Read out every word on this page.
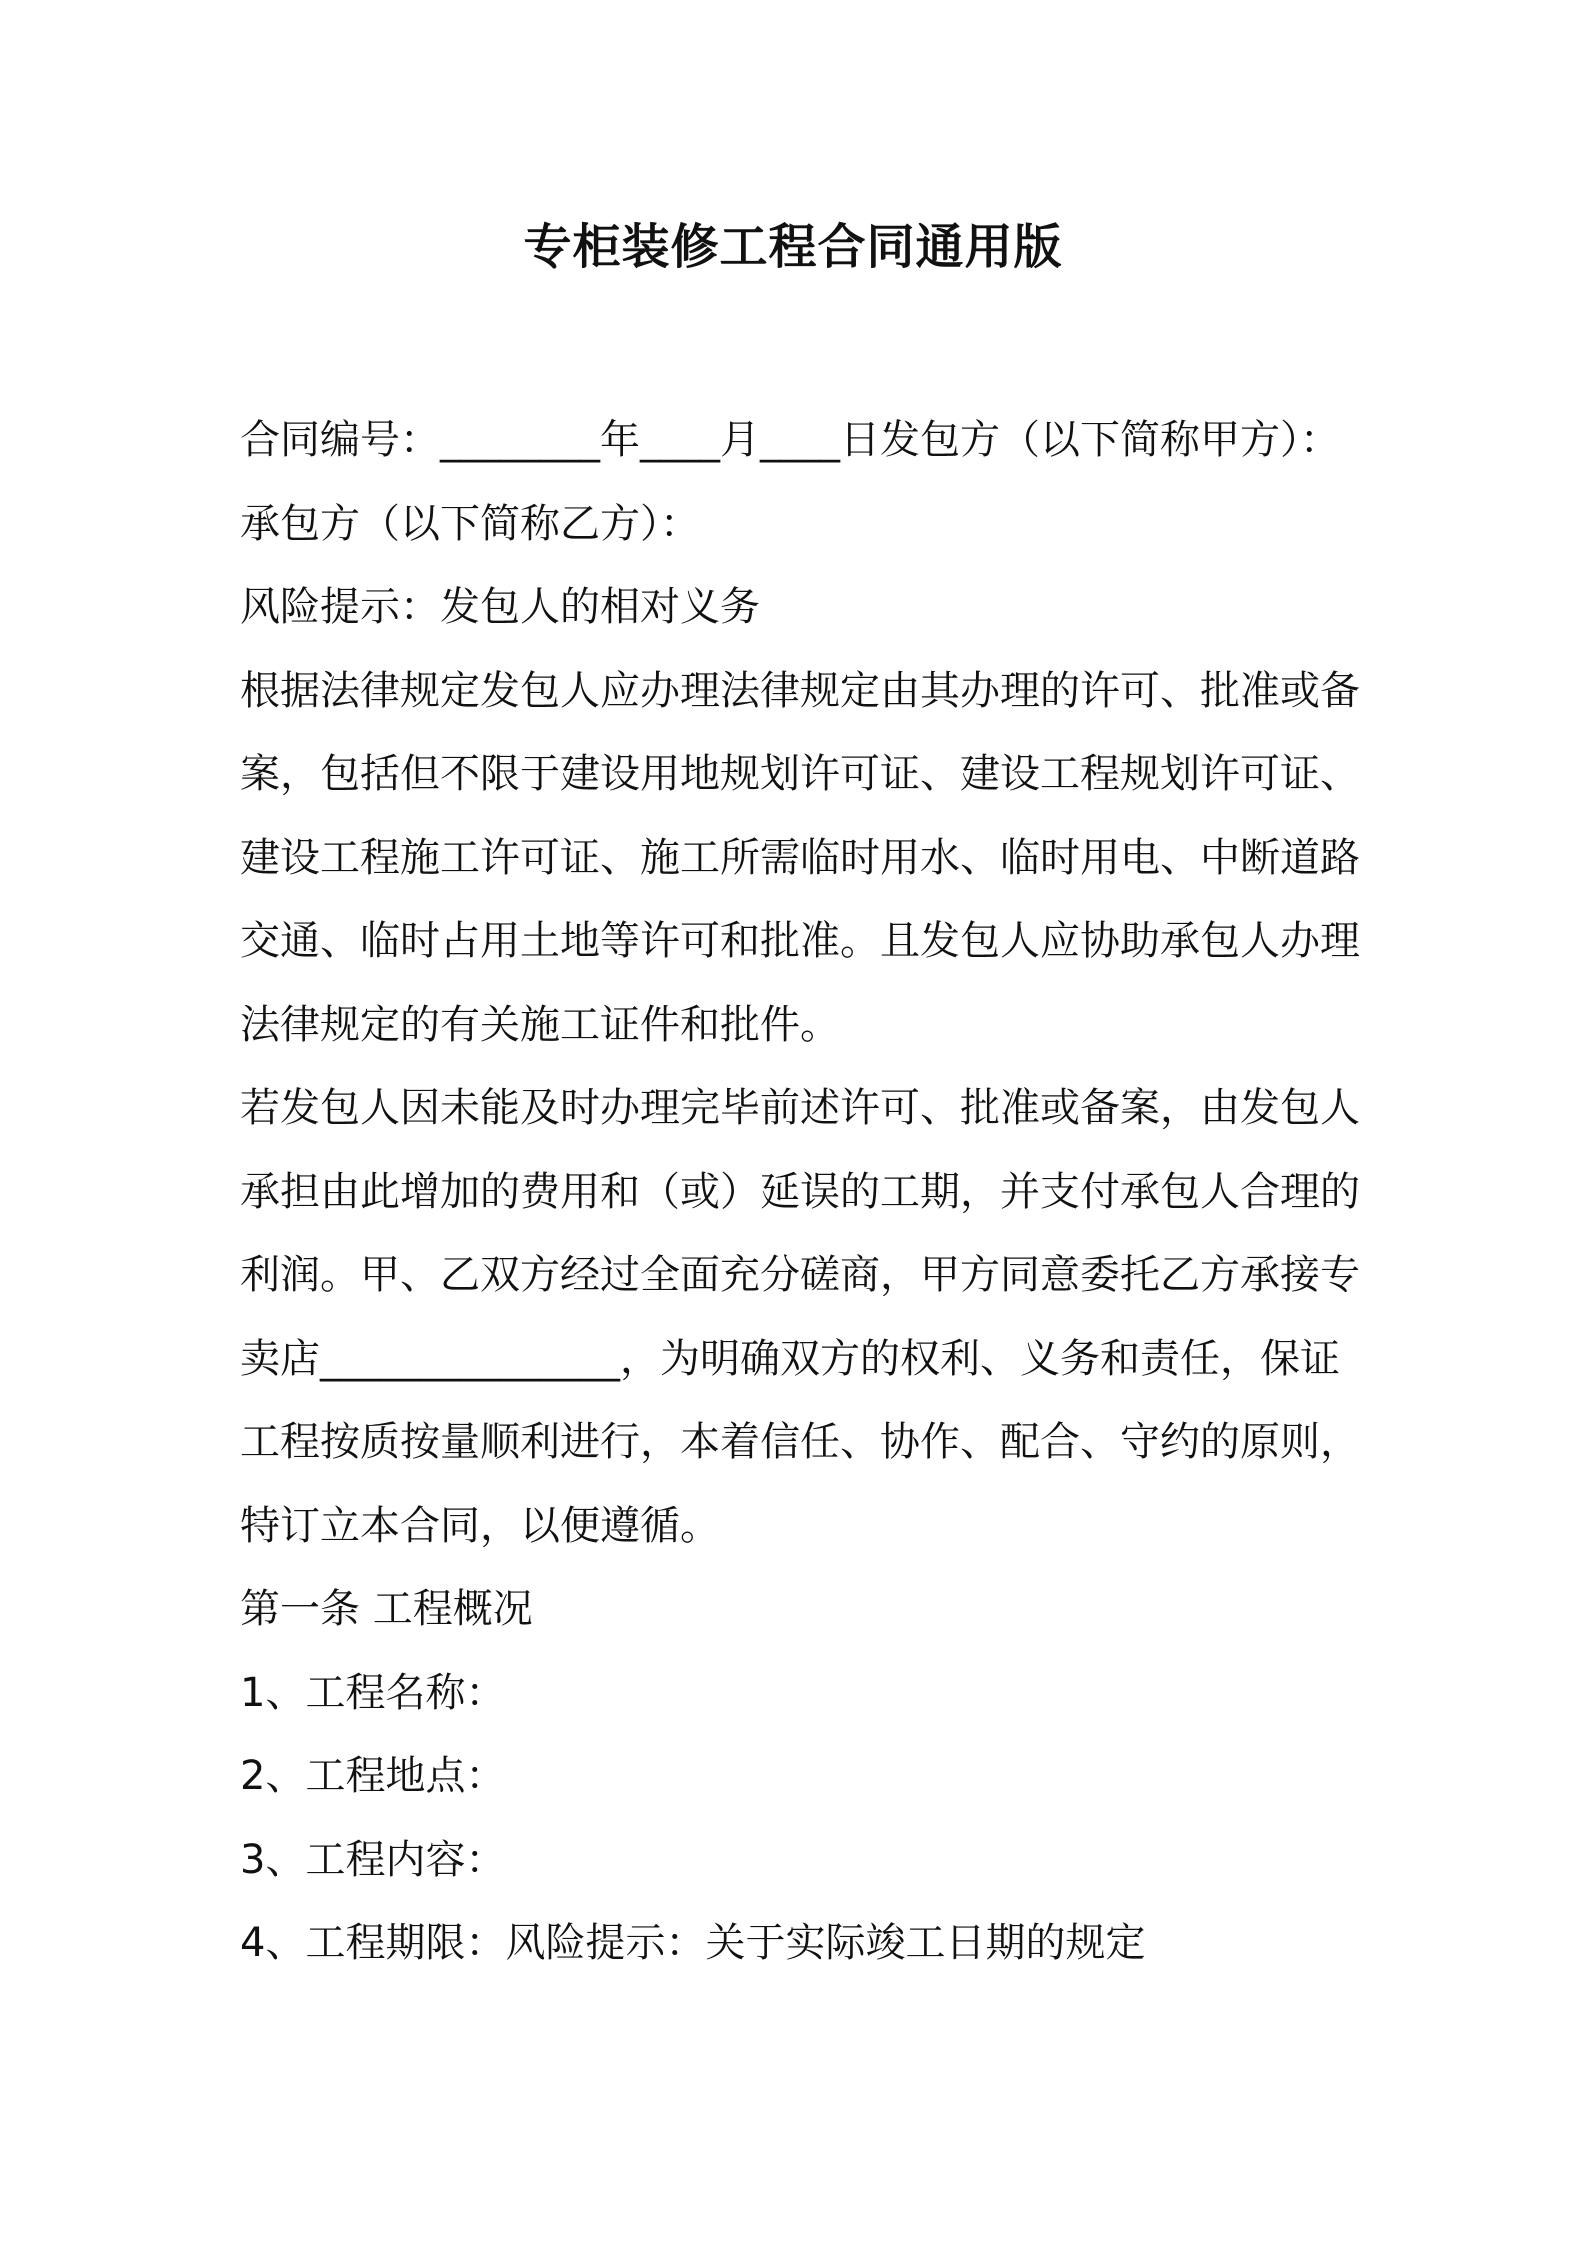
专柜装修工程合同通用版

合同编号：________年____月____日发包方（以下简称甲方）：

承包方（以下简称乙方）：

风险提示：发包人的相对义务

根据法律规定发包人应办理法律规定由其办理的许可、批准或备

案，包括但不限于建设用地规划许可证、建设工程规划许可证、

建设工程施工许可证、施工所需临时用水、临时用电、中断道路

交通、临时占用土地等许可和批准。且发包人应协助承包人办理

法律规定的有关施工证件和批件。

若发包人因未能及时办理完毕前述许可、批准或备案，由发包人

承担由此增加的费用和（或）延误的工期，并支付承包人合理的

利润。甲、乙双方经过全面充分磋商，甲方同意委托乙方承接专

卖店_______________，为明确双方的权利、义务和责任，保证

工程按质按量顺利进行，本着信任、协作、配合、守约的原则，

特订立本合同，以便遵循。

第一条 工程概况

1、工程名称：

2、工程地点：

3、工程内容：

4、工程期限：风险提示：关于实际竣工日期的规定
